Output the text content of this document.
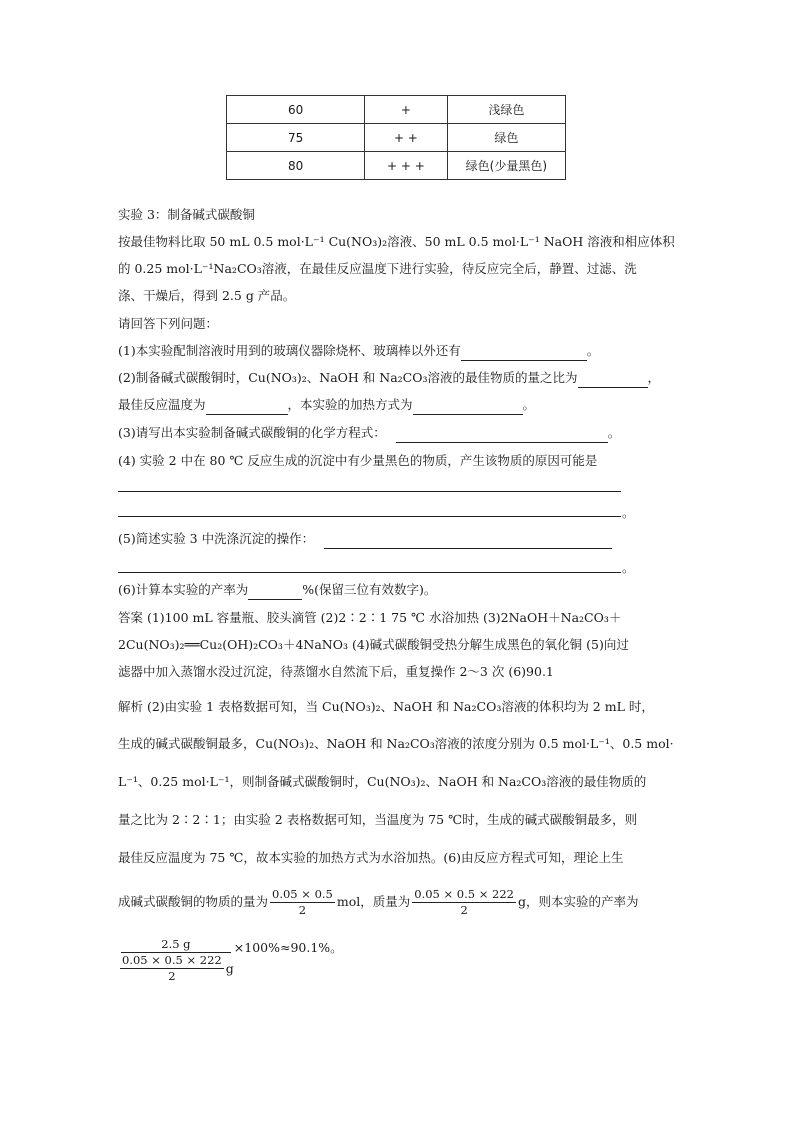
60	+	浅绿色
75	+ +	绿色
80	+ + +	绿色(少量黑色)
实验 3：制备碱式碳酸铜
按最佳物料比取 50 mL 0.5 mol·L⁻¹ Cu(NO₃)₂溶液、50 mL 0.5 mol·L⁻¹ NaOH 溶液和相应体积
的 0.25 mol·L⁻¹Na₂CO₃溶液，在最佳反应温度下进行实验，待反应完全后，静置、过滤、洗
涤、干燥后，得到 2.5 g 产品。
请回答下列问题：
(1)本实验配制溶液时用到的玻璃仪器除烧杯、玻璃棒以外还有	。
(2)制备碱式碳酸铜时，Cu(NO₃)₂、NaOH 和 Na₂CO₃溶液的最佳物质的量之比为	，
最佳反应温度为	，本实验的加热方式为	。
(3)请写出本实验制备碱式碳酸铜的化学方程式：	。
(4) 实验 2 中在 80 ℃ 反应生成的沉淀中有少量黑色的物质，产生该物质的原因可能是
。
(5)简述实验 3 中洗涤沉淀的操作：
。
(6)计算本实验的产率为	%(保留三位有效数字)。
答案 (1)100 mL 容量瓶、胶头滴管 (2)2∶2∶1 75 ℃ 水浴加热 (3)2NaOH＋Na₂CO₃＋
2Cu(NO₃)₂══Cu₂(OH)₂CO₃＋4NaNO₃ (4)碱式碳酸铜受热分解生成黑色的氧化铜 (5)向过
滤器中加入蒸馏水没过沉淀，待蒸馏水自然流下后，重复操作 2～3 次 (6)90.1
解析 (2)由实验 1 表格数据可知，当 Cu(NO₃)₂、NaOH 和 Na₂CO₃溶液的体积均为 2 mL 时，
生成的碱式碳酸铜最多，Cu(NO₃)₂、NaOH 和 Na₂CO₃溶液的浓度分别为 0.5 mol·L⁻¹、0.5 mol·
L⁻¹、0.25 mol·L⁻¹，则制备碱式碳酸铜时，Cu(NO₃)₂、NaOH 和 Na₂CO₃溶液的最佳物质的
量之比为 2∶2∶1；由实验 2 表格数据可知，当温度为 75 ℃时，生成的碱式碳酸铜最多，则
最佳反应温度为 75 ℃，故本实验的加热方式为水浴加热。(6)由反应方程式可知，理论上生
成碱式碳酸铜的物质的量为 $\frac{0.05 \times 0.5}{2}$ mol，质量为 $\frac{0.05 \times 0.5 \times 222}{2}$ g，则本实验的产率为
$\frac{2.5 g}{\frac{0.05 \times 0.5 \times 222}{2} g} \times 100\%\approx 90.1\%$。
